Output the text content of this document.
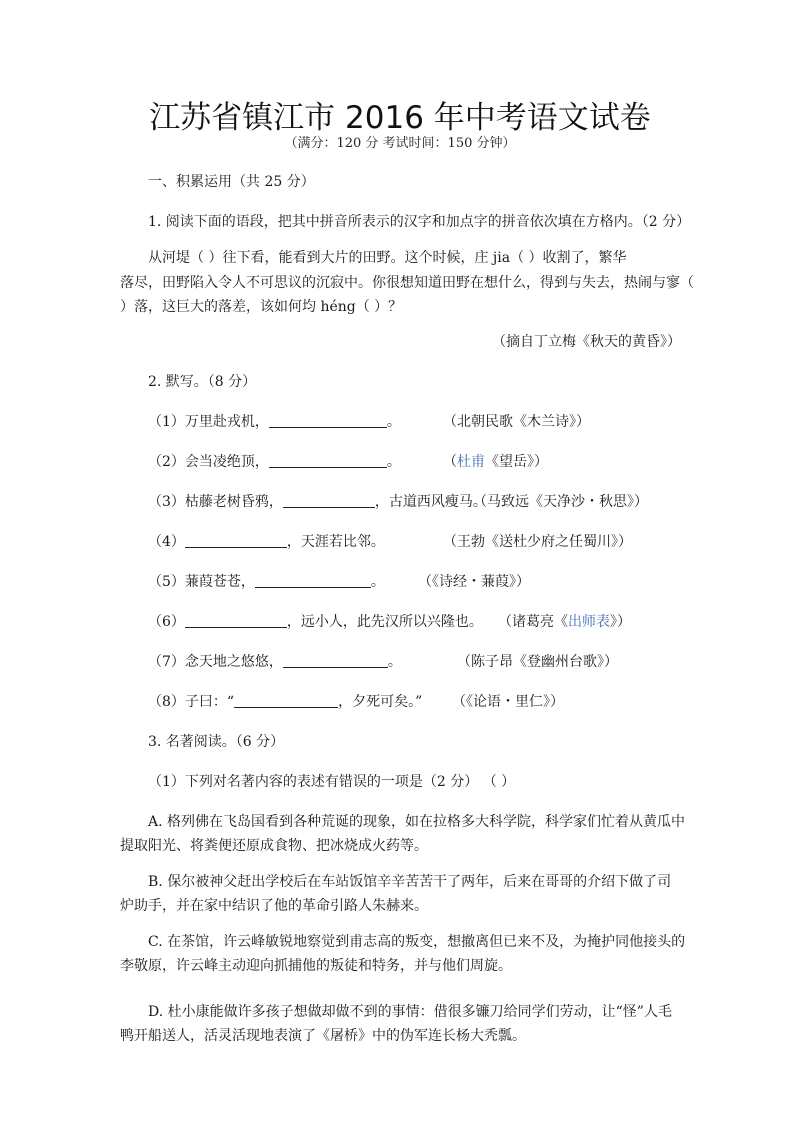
江苏省镇江市 2016 年中考语文试卷
（满分：120 分 考试时间：150 分钟）
一、积累运用（共 25 分）
1. 阅读下面的语段，把其中拼音所表示的汉字和加点字的拼音依次填在方格内。（2 分）
从河堤（ ）往下看，能看到大片的田野。这个时候，庄 jia（ ）收割了，繁华
落尽，田野陷入令人不可思议的沉寂中。你很想知道田野在想什么，得到与失去，热闹与寥（
）落，这巨大的落差，该如何均 héng（ ）？
（摘自丁立梅《秋天的黄昏》）
2. 默写。（8 分）
（1）万里赴戎机，	。	（北朝民歌《木兰诗》）
（2）会当凌绝顶，	。	（杜甫《望岳》）
（3）枯藤老树昏鸦，	，古道西风瘦马。
（马致远《天净沙・秋思》）
（4）	，天涯若比邻。	（王勃《送杜少府之任蜀川》）
（5）蒹葭苍苍，	。 （《诗经・蒹葭》）
（6）	，远小人，此先汉所以兴隆也。 （诸葛亮《出师表》）
（7）念天地之悠悠，	。	（陈子昂《登幽州台歌》）
（8）子曰：“	，夕死可矣。” （《论语・里仁》）
3. 名著阅读。（6 分）
（1）下列对名著内容的表述有错误的一项是（2 分） （ ）
A. 格列佛在飞岛国看到各种荒诞的现象，如在拉格多大科学院，科学家们忙着从黄瓜中
提取阳光、将粪便还原成食物、把冰烧成火药等。
B. 保尔被神父赶出学校后在车站饭馆辛辛苦苦干了两年，后来在哥哥的介绍下做了司
炉助手，并在家中结识了他的革命引路人朱赫来。
C. 在茶馆，许云峰敏锐地察觉到甫志高的叛变，想撤离但已来不及，为掩护同他接头的
李敬原，许云峰主动迎向抓捕他的叛徒和特务，并与他们周旋。
D. 杜小康能做许多孩子想做却做不到的事情：借很多镰刀给同学们劳动，让“怪”人毛
鸭开船送人，活灵活现地表演了《屠桥》中的伪军连长杨大秃瓢。
